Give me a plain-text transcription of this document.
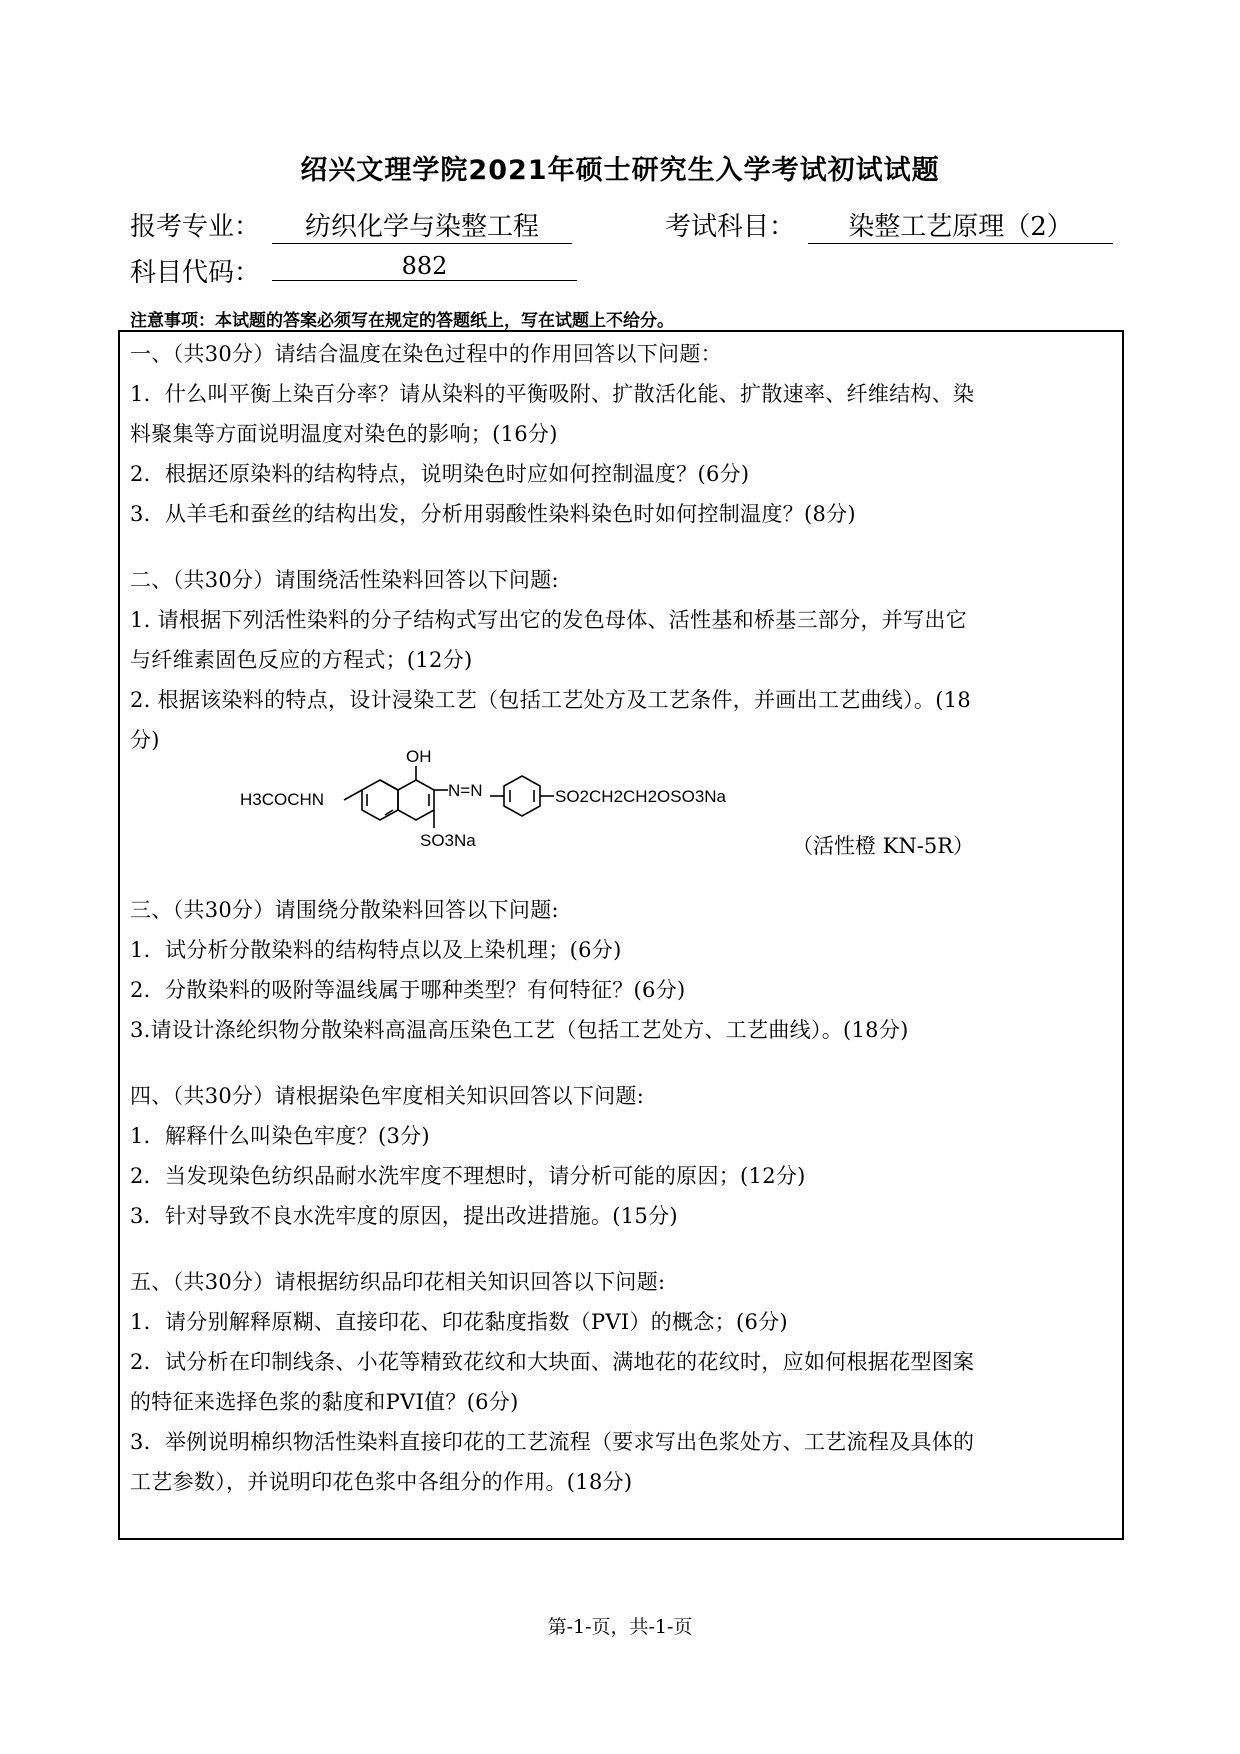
绍兴文理学院2021年硕士研究生入学考试初试试题
报考专业：	纺织化学与染整工程	考试科目：	染整工艺原理（2）
科目代码：	882
注意事项：本试题的答案必须写在规定的答题纸上，写在试题上不给分。
一、（共30分）请结合温度在染色过程中的作用回答以下问题：
1．什么叫平衡上染百分率？请从染料的平衡吸附、扩散活化能、扩散速率、纤维结构、染
料聚集等方面说明温度对染色的影响；(16分)
2．根据还原染料的结构特点，说明染色时应如何控制温度？(6分)
3．从羊毛和蚕丝的结构出发，分析用弱酸性染料染色时如何控制温度？(8分)
二、（共30分）请围绕活性染料回答以下问题:
1. 请根据下列活性染料的分子结构式写出它的发色母体、活性基和桥基三部分，并写出它
与纤维素固色反应的方程式；(12分)
2. 根据该染料的特点，设计浸染工艺（包括工艺处方及工艺条件，并画出工艺曲线）。(18
分)
H3COCHN
OH
N=N
SO3Na
SO2CH2CH2OSO3Na
（活性橙 KN-5R）
三、（共30分）请围绕分散染料回答以下问题:
1．试分析分散染料的结构特点以及上染机理；(6分)
2．分散染料的吸附等温线属于哪种类型？有何特征？(6分)
3.请设计涤纶织物分散染料高温高压染色工艺（包括工艺处方、工艺曲线）。(18分)
四、（共30分）请根据染色牢度相关知识回答以下问题:
1．解释什么叫染色牢度？(3分)
2．当发现染色纺织品耐水洗牢度不理想时，请分析可能的原因；(12分)
3．针对导致不良水洗牢度的原因，提出改进措施。(15分)
五、（共30分）请根据纺织品印花相关知识回答以下问题:
1．请分别解释原糊、直接印花、印花黏度指数（PVI）的概念；(6分)
2．试分析在印制线条、小花等精致花纹和大块面、满地花的花纹时，应如何根据花型图案
的特征来选择色浆的黏度和PVI值？(6分)
3．举例说明棉织物活性染料直接印花的工艺流程（要求写出色浆处方、工艺流程及具体的
工艺参数），并说明印花色浆中各组分的作用。(18分)
第-1-页，共-1-页
